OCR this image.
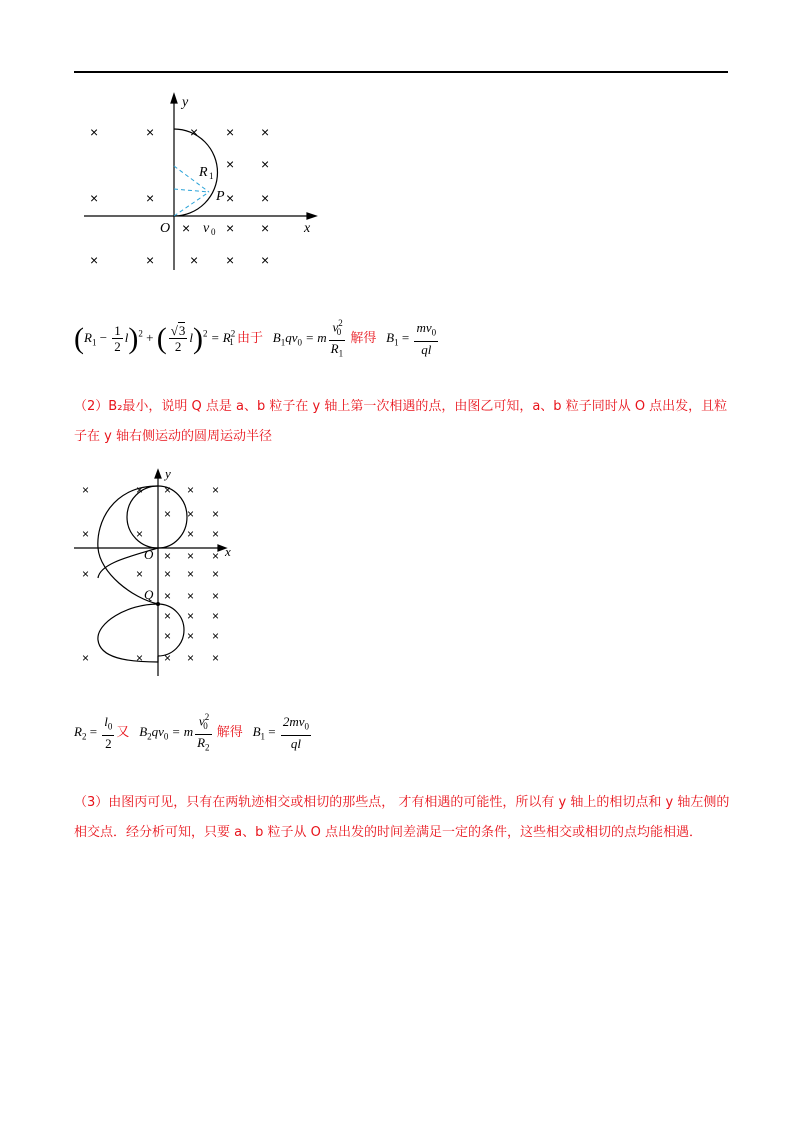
×	×	× × ×
× ×
×	×	× ×
×	× ×
×	×	× × ×
y
x
O
R 1
P
v 0
$(R_1 - \frac{1}{2} l)^2$ + ( $\frac{√3}{2} l)^2 = R^2_1$ 由于 $B_1qv_0 = m \frac{v^2_0}{R_1}$ 解得 $B_1 = \frac{mv_0}{ql}$
（2）B₂最小，说明 Q 点是 a、b 粒子在 y 轴上第一次相遇的点，由图乙可知，a、b 粒子同时从 O 点出发，且粒子在 y 轴右侧运动的圆周运动半径
×	× × × ×
× × ×
×	×	× ×
× × ×
×	× × × ×
× × ×
× × ×
× × ×
×	× × × ×
y
x
O
Q
$R_2 = \frac{l_0}{2}$ 又 $B_2qv_0 = m \frac{v^2_0}{R_2}$ 解得 $B_1 = \frac{2mv_0}{ql}$
（3）由图丙可见，只有在两轨迹相交或相切的那些点， 才有相遇的可能性，所以有 y 轴上的相切点和 y 轴左侧的相交点．经分析可知，只要 a、b 粒子从 O 点出发的时间差满足一定的条件，这些相交或相切的点均能相遇．
